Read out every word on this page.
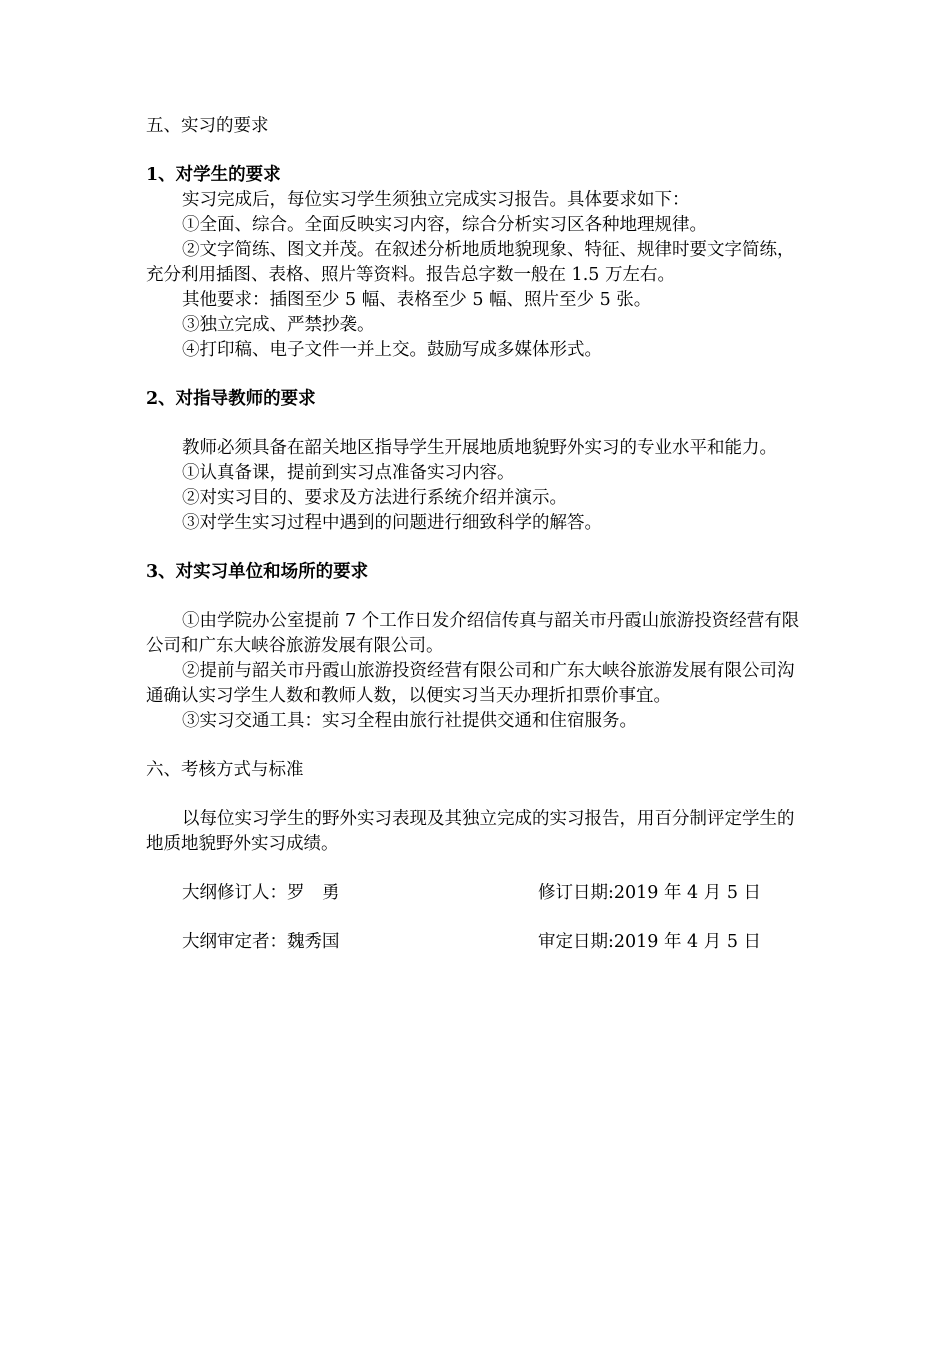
五、实习的要求

1、对学生的要求

实习完成后，每位实习学生须独立完成实习报告。具体要求如下：

①全面、综合。全面反映实习内容，综合分析实习区各种地理规律。

②文字简练、图文并茂。在叙述分析地质地貌现象、特征、规律时要文字简练，充分利用插图、表格、照片等资料。报告总字数一般在 1.5 万左右。

其他要求：插图至少 5 幅、表格至少 5 幅、照片至少 5 张。

③独立完成、严禁抄袭。

④打印稿、电子文件一并上交。鼓励写成多媒体形式。

2、对指导教师的要求

教师必须具备在韶关地区指导学生开展地质地貌野外实习的专业水平和能力。

①认真备课，提前到实习点准备实习内容。

②对实习目的、要求及方法进行系统介绍并演示。

③对学生实习过程中遇到的问题进行细致科学的解答。

3、对实习单位和场所的要求

①由学院办公室提前 7 个工作日发介绍信传真与韶关市丹霞山旅游投资经营有限公司和广东大峡谷旅游发展有限公司。

②提前与韶关市丹霞山旅游投资经营有限公司和广东大峡谷旅游发展有限公司沟通确认实习学生人数和教师人数，以便实习当天办理折扣票价事宜。

③实习交通工具：实习全程由旅行社提供交通和住宿服务。

六、考核方式与标准

以每位实习学生的野外实习表现及其独立完成的实习报告，用百分制评定学生的地质地貌野外实习成绩。

大纲修订人：罗　勇	修订日期:2019 年 4 月 5 日
大纲审定者：魏秀国	审定日期:2019 年 4 月 5 日
